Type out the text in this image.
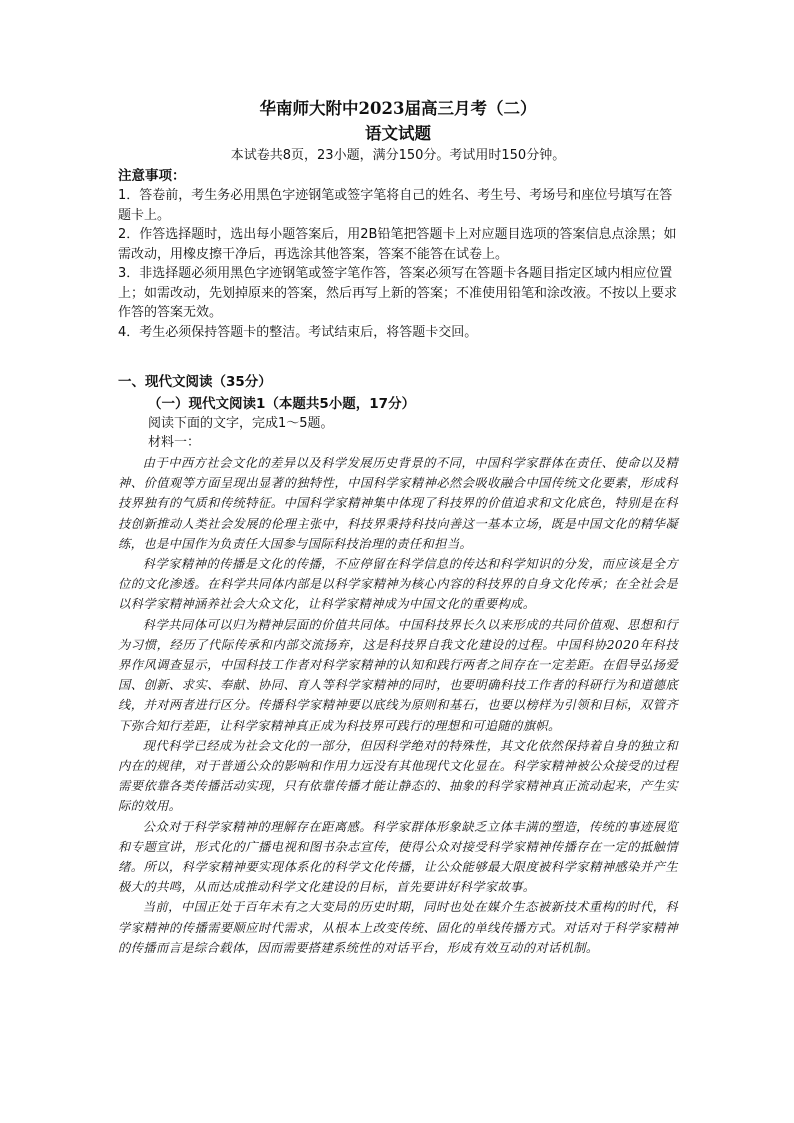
华南师大附中2023届高三月考（二）

语文试题

本试卷共8页，23小题，满分150分。考试用时150分钟。

注意事项：

1．答卷前，考生务必用黑色字迹钢笔或签字笔将自己的姓名、考生号、考场号和座位号填写在答题卡上。

2．作答选择题时，选出每小题答案后，用2B铅笔把答题卡上对应题目选项的答案信息点涂黑；如需改动，用橡皮擦干净后，再选涂其他答案，答案不能答在试卷上。

3．非选择题必须用黑色字迹钢笔或签字笔作答，答案必须写在答题卡各题目指定区域内相应位置上；如需改动，先划掉原来的答案，然后再写上新的答案；不准使用铅笔和涂改液。不按以上要求作答的答案无效。

4．考生必须保持答题卡的整洁。考试结束后，将答题卡交回。

一、现代文阅读（35分）

（一）现代文阅读1（本题共5小题，17分）

阅读下面的文字，完成1～5题。

材料一：

由于中西方社会文化的差异以及科学发展历史背景的不同，中国科学家群体在责任、使命以及精神、价值观等方面呈现出显著的独特性，中国科学家精神必然会吸收融合中国传统文化要素，形成科技界独有的气质和传统特征。中国科学家精神集中体现了科技界的价值追求和文化底色，特别是在科技创新推动人类社会发展的伦理主张中，科技界秉持科技向善这一基本立场，既是中国文化的精华凝练，也是中国作为负责任大国参与国际科技治理的责任和担当。

科学家精神的传播是文化的传播，不应停留在科学信息的传达和科学知识的分发，而应该是全方位的文化渗透。在科学共同体内部是以科学家精神为核心内容的科技界的自身文化传承；在全社会是以科学家精神涵养社会大众文化，让科学家精神成为中国文化的重要构成。

科学共同体可以归为精神层面的价值共同体。中国科技界长久以来形成的共同价值观、思想和行为习惯，经历了代际传承和内部交流扬弃，这是科技界自我文化建设的过程。中国科协2020年科技界作风调查显示，中国科技工作者对科学家精神的认知和践行两者之间存在一定差距。在倡导弘扬爱国、创新、求实、奉献、协同、育人等科学家精神的同时，也要明确科技工作者的科研行为和道德底线，并对两者进行区分。传播科学家精神要以底线为原则和基石，也要以榜样为引领和目标，双管齐下弥合知行差距，让科学家精神真正成为科技界可践行的理想和可追随的旗帜。

现代科学已经成为社会文化的一部分，但因科学绝对的特殊性，其文化依然保持着自身的独立和内在的规律，对于普通公众的影响和作用力远没有其他现代文化显在。科学家精神被公众接受的过程需要依靠各类传播活动实现，只有依靠传播才能让静态的、抽象的科学家精神真正流动起来，产生实际的效用。

公众对于科学家精神的理解存在距离感。科学家群体形象缺乏立体丰满的塑造，传统的事迹展览和专题宣讲，形式化的广播电视和图书杂志宣传，使得公众对接受科学家精神传播存在一定的抵触情绪。所以，科学家精神要实现体系化的科学文化传播，让公众能够最大限度被科学家精神感染并产生极大的共鸣，从而达成推动科学文化建设的目标，首先要讲好科学家故事。

当前，中国正处于百年未有之大变局的历史时期，同时也处在媒介生态被新技术重构的时代，科学家精神的传播需要顺应时代需求，从根本上改变传统、固化的单线传播方式。对话对于科学家精神的传播而言是综合载体，因而需要搭建系统性的对话平台，形成有效互动的对话机制。
